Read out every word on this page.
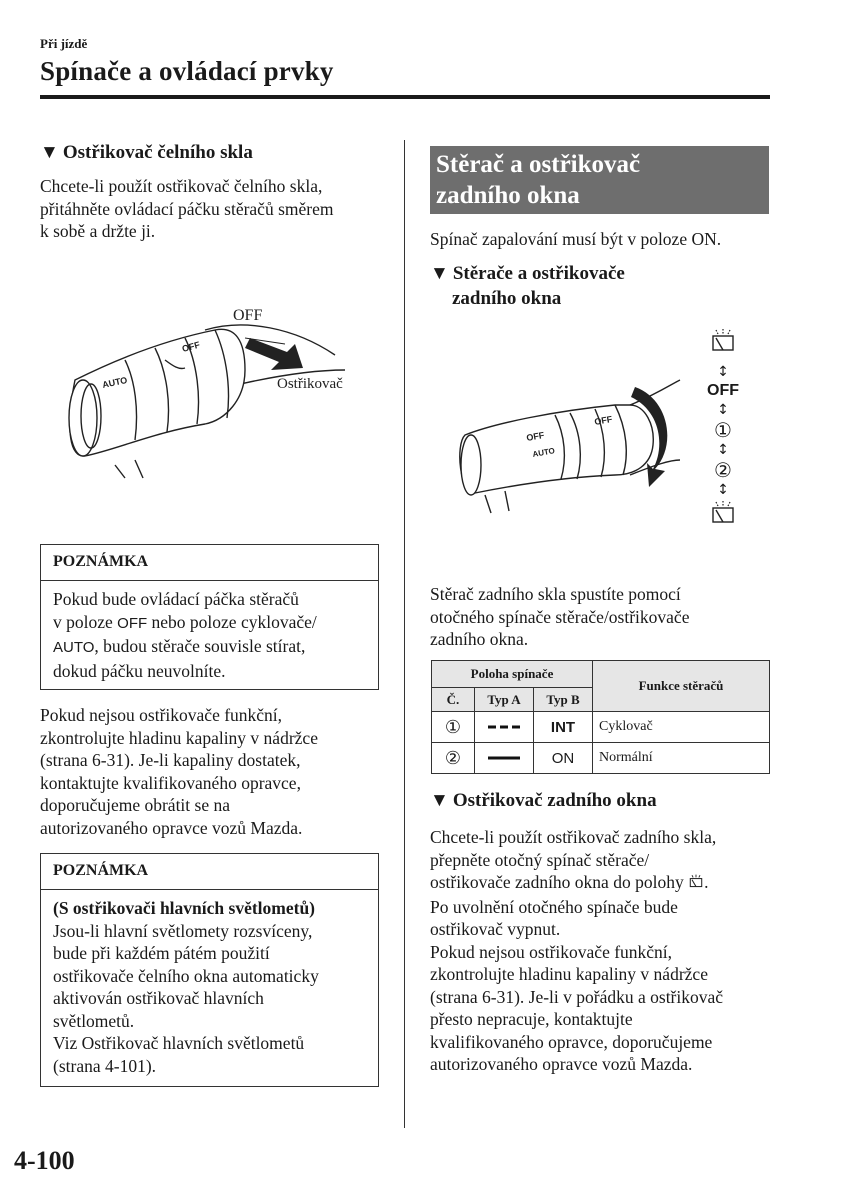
Při jízdě
Spínače a ovládací prvky
▼ Ostřikovač čelního skla
Chcete-li použít ostřikovač čelního skla,
přitáhněte ovládací páčku stěračů směrem
k sobě a držte ji.
AUTO
OFF
OFF
Ostřikovač
POZNÁMKA
Pokud bude ovládací páčka stěračů
v poloze OFF nebo poloze cyklovače/
AUTO, budou stěrače souvisle stírat,
dokud páčku neuvolníte.
Pokud nejsou ostřikovače funkční,
zkontrolujte hladinu kapaliny v nádržce
(strana 6-31). Je-li kapaliny dostatek,
kontaktujte kvalifikovaného opravce,
doporučujeme obrátit se na
autorizovaného opravce vozů Mazda.
POZNÁMKA
(S ostřikovači hlavních světlometů)
Jsou-li hlavní světlomety rozsvíceny,
bude při každém pátém použití
ostřikovače čelního okna automaticky
aktivován ostřikovač hlavních
světlometů.
Viz Ostřikovač hlavních světlometů
(strana 4-101).
Stěrač a ostřikovač
zadního okna
Spínač zapalování musí být v poloze ON.
▼ Stěrače a ostřikovače
zadního okna
OFF
AUTO
OFF
↕
OFF
↕
①
↕
②
↕
Stěrač zadního skla spustíte pomocí
otočného spínače stěrače/ostřikovače
zadního okna.
Poloha spínače			Funkce stěračů
Č.	Typ A	Typ B	
①		INT	Cyklovač
②		ON	Normální
▼ Ostřikovač zadního okna
Chcete-li použít ostřikovač zadního skla,
přepněte otočný spínač stěrače/
ostřikovače zadního okna do polohy .
Po uvolnění otočného spínače bude
ostřikovač vypnut.
Pokud nejsou ostřikovače funkční,
zkontrolujte hladinu kapaliny v nádržce
(strana 6-31). Je-li v pořádku a ostřikovač
přesto nepracuje, kontaktujte
kvalifikovaného opravce, doporučujeme
autorizovaného opravce vozů Mazda.
4-100
